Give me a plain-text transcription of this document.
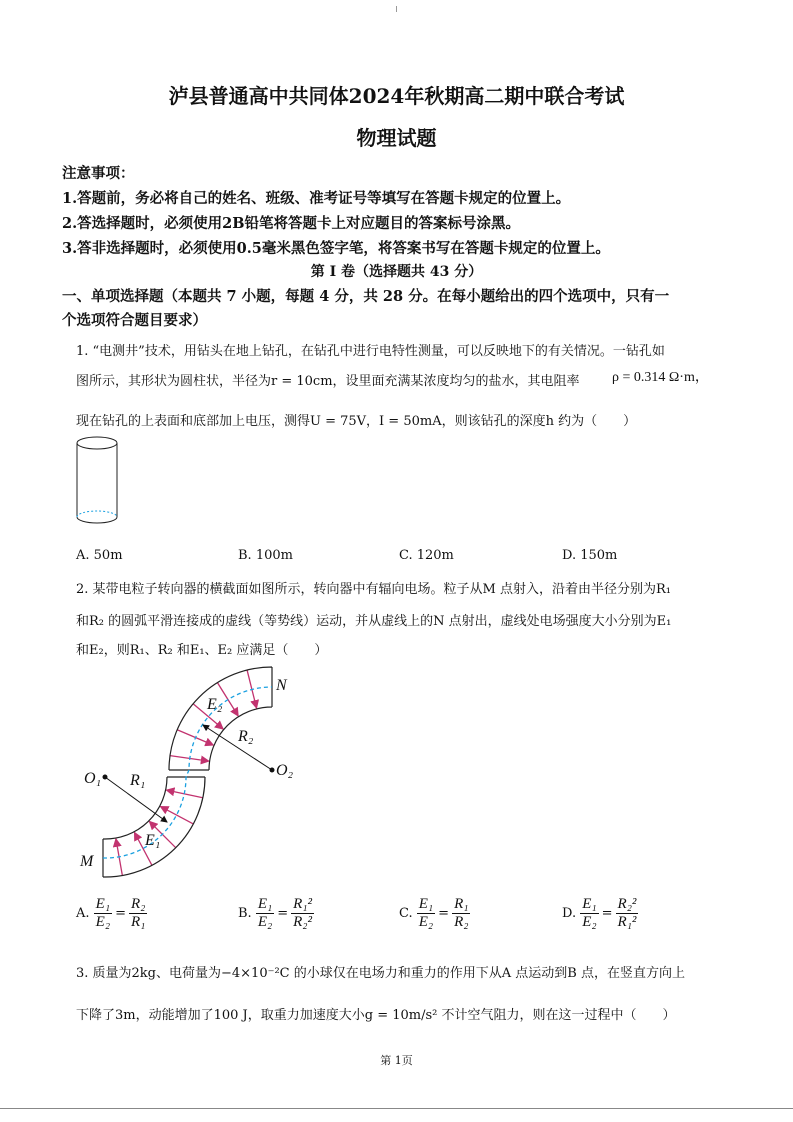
泸县普通高中共同体2024年秋期高二期中联合考试
物理试题
注意事项：
1.答题前，务必将自己的姓名、班级、准考证号等填写在答题卡规定的位置上。
2.答选择题时，必须使用2B铅笔将答题卡上对应题目的答案标号涂黑。
3.答非选择题时，必须使用0.5毫米黑色签字笔，将答案书写在答题卡规定的位置上。
第 I 卷（选择题共 43 分）
一、单项选择题（本题共 7 小题，每题 4 分，共 28 分。在每小题给出的四个选项中，只有一
个选项符合题目要求）
1. “电测井”技术，用钻头在地上钻孔，在钻孔中进行电特性测量，可以反映地下的有关情况。一钻孔如
图所示，其形状为圆柱状，半径为r = 10cm，设里面充满某浓度均匀的盐水，其电阻率 ρ = 0.314 Ω·m，
现在钻孔的上表面和底部加上电压，测得U = 75V，I = 50mA，则该钻孔的深度h 约为（　　）
A. 50m	B. 100m	C. 120m	D. 150m
2. 某带电粒子转向器的横截面如图所示，转向器中有辐向电场。粒子从M 点射入，沿着由半径分别为R₁
和R₂ 的圆弧平滑连接成的虚线（等势线）运动，并从虚线上的N 点射出，虚线处电场强度大小分别为E₁
和E₂，则R₁、R₂ 和E₁、E₂ 应满足（　　）
M
N
O₁	O₂
R₁
R₂
E₁
E₂
A. $\frac{\text{E₁}}{\text{E₂}} = \frac{\text{R₂}}{\text{R₁}}$	B. $\frac{\text{E₁}}{\text{E₂}} = \frac{\text{R₁²}}{\text{R₂²}}$	C. $\frac{\text{E₁}}{\text{E₂}} = \frac{\text{R₁}}{\text{R₂}}$	D. $\frac{\text{E₁}}{\text{E₂}} = \frac{\text{R₂²}}{\text{R₁²}}$
3. 质量为2kg、电荷量为−4×10⁻²C 的小球仅在电场力和重力的作用下从A 点运动到B 点，在竖直方向上
下降了3m，动能增加了100 J，取重力加速度大小g = 10m/s² 不计空气阻力，则在这一过程中（　　）
第 1页
